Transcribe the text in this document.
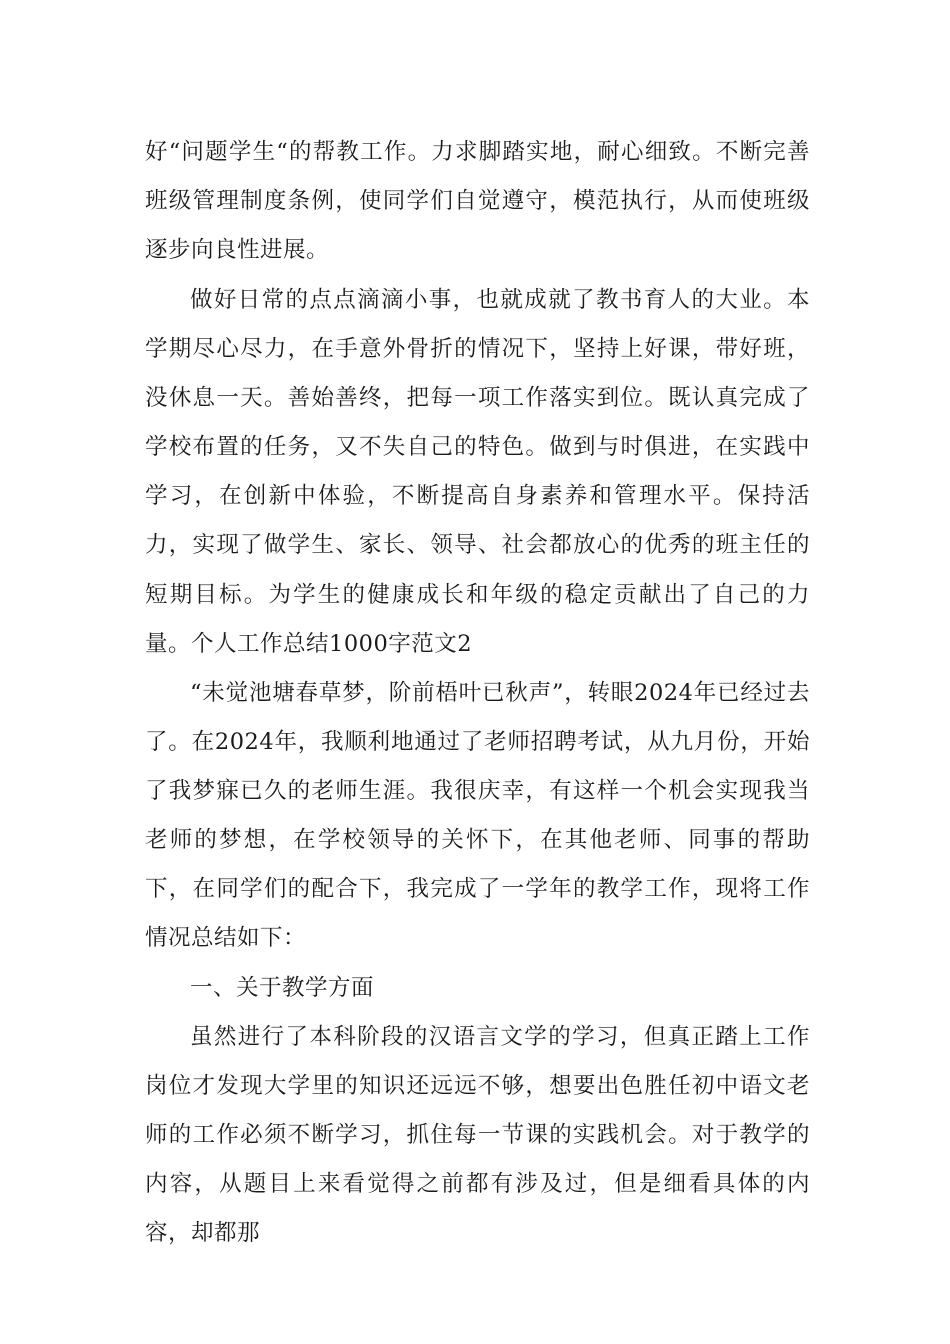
好“问题学生“的帮教工作。力求脚踏实地，耐心细致。不断完善班级管理制度条例，使同学们自觉遵守，模范执行，从而使班级逐步向良性进展。

做好日常的点点滴滴小事，也就成就了教书育人的大业。本学期尽心尽力，在手意外骨折的情况下，坚持上好课，带好班，没休息一天。善始善终，把每一项工作落实到位。既认真完成了学校布置的任务，又不失自己的特色。做到与时俱进，在实践中学习，在创新中体验，不断提高自身素养和管理水平。保持活力，实现了做学生、家长、领导、社会都放心的优秀的班主任的短期目标。为学生的健康成长和年级的稳定贡献出了自己的力量。个人工作总结1000字范文2

“未觉池塘春草梦，阶前梧叶已秋声”，转眼2024年已经过去了。在2024年，我顺利地通过了老师招聘考试，从九月份，开始了我梦寐已久的老师生涯。我很庆幸，有这样一个机会实现我当老师的梦想，在学校领导的关怀下，在其他老师、同事的帮助下，在同学们的配合下，我完成了一学年的教学工作，现将工作情况总结如下：

一、关于教学方面

虽然进行了本科阶段的汉语言文学的学习，但真正踏上工作岗位才发现大学里的知识还远远不够，想要出色胜任初中语文老师的工作必须不断学习，抓住每一节课的实践机会。对于教学的内容，从题目上来看觉得之前都有涉及过，但是细看具体的内容，却都那
